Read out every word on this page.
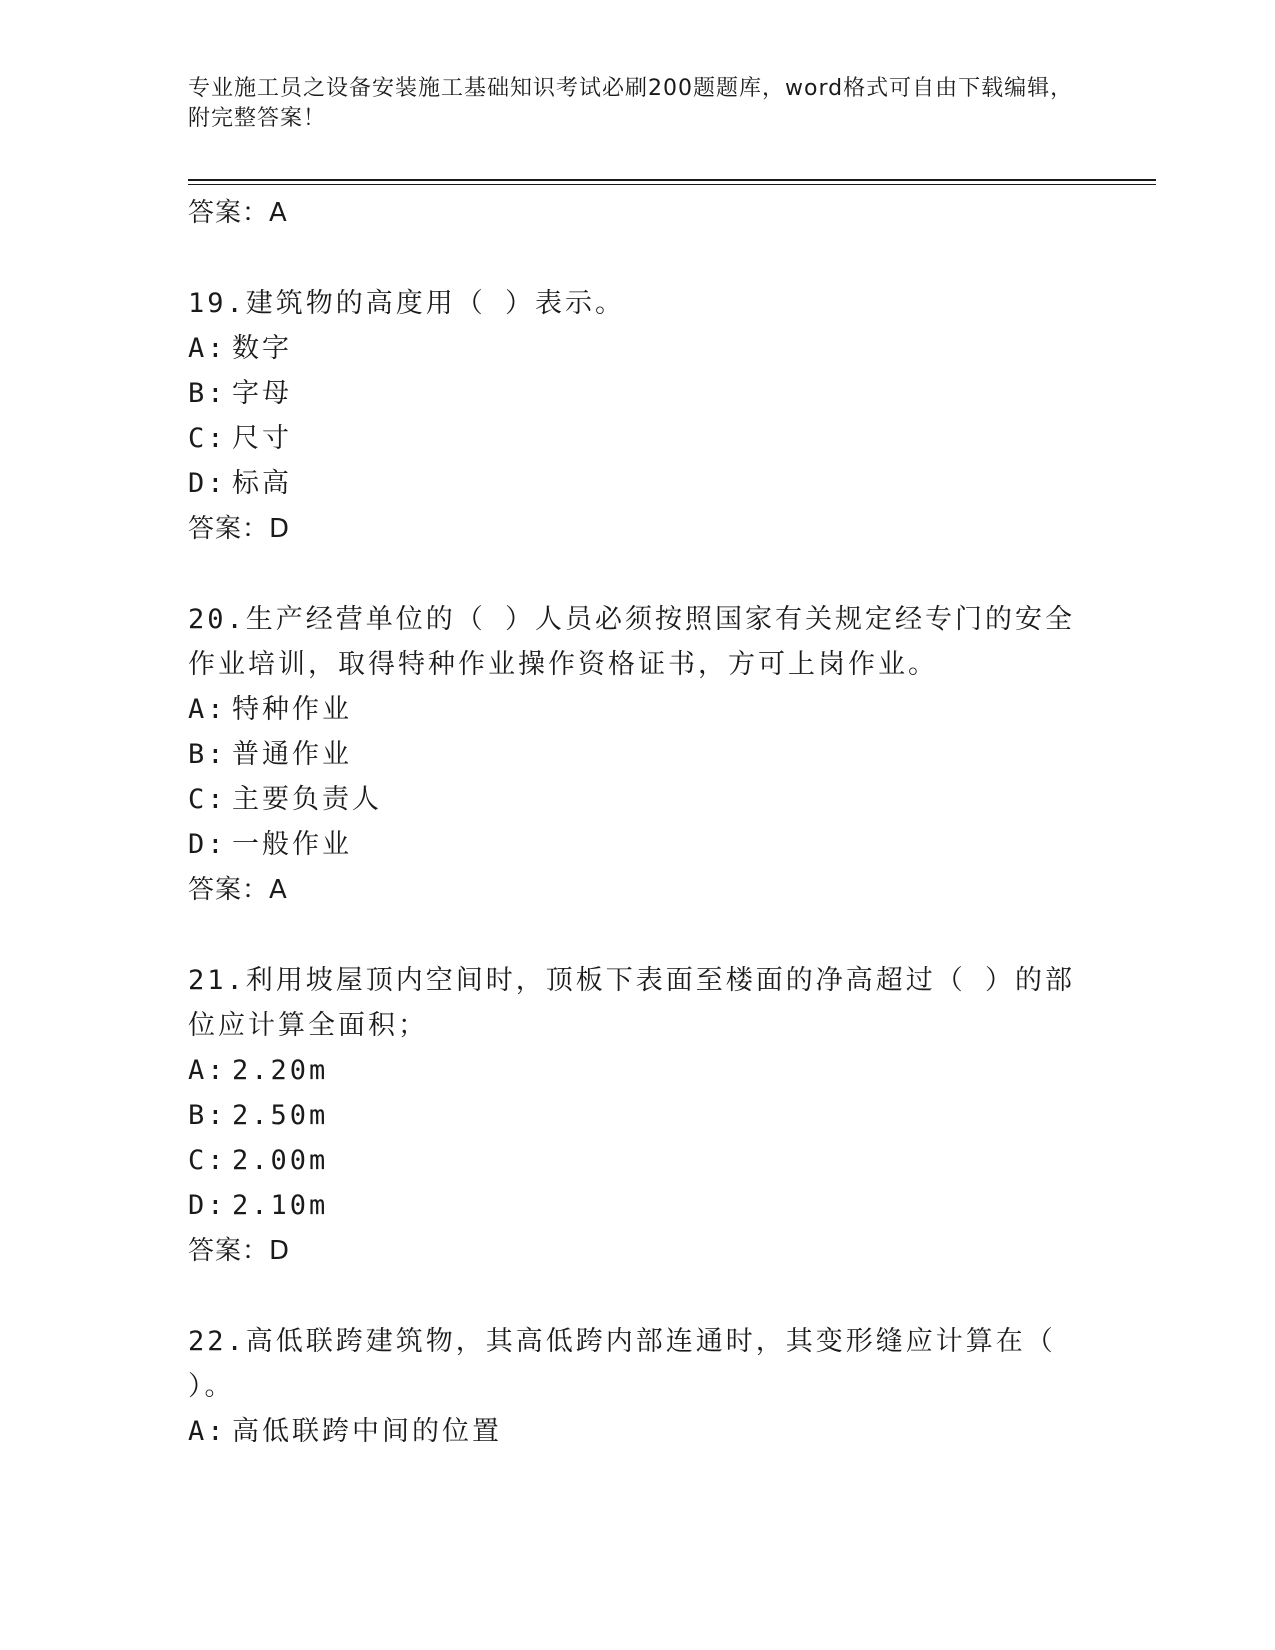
专业施工员之设备安装施工基础知识考试必刷200题题库，word格式可自由下载编辑，附完整答案！
答案：A
19.建筑物的高度用（ ）表示。
A: 数字
B: 字母
C: 尺寸
D: 标高
答案：D
20.生产经营单位的（ ）人员必须按照国家有关规定经专门的安全作业培训，取得特种作业操作资格证书，方可上岗作业。
A: 特种作业
B: 普通作业
C: 主要负责人
D: 一般作业
答案：A
21.利用坡屋顶内空间时，顶板下表面至楼面的净高超过（ ）的部位应计算全面积；
A: 2.20m
B: 2.50m
C: 2.00m
D: 2.10m
答案：D
22.高低联跨建筑物，其高低跨内部连通时，其变形缝应计算在（ ）。
A: 高低联跨中间的位置
